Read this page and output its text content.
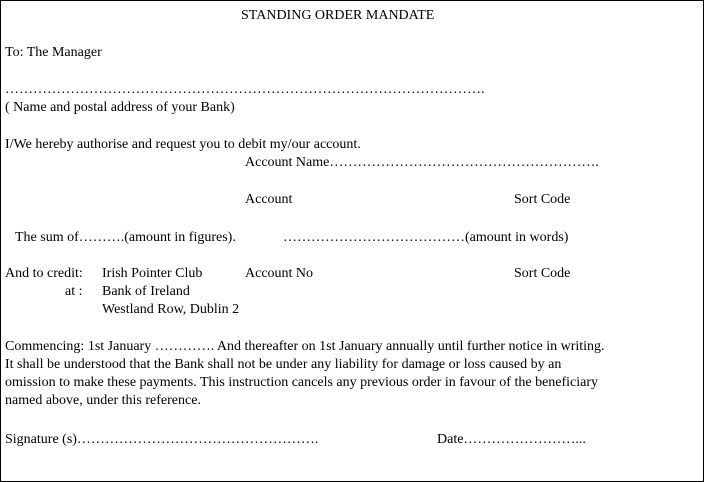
STANDING ORDER MANDATE
To: The Manager
………………………………………………………………………………………….
( Name and postal address of your Bank)
I/We hereby authorise and request you to debit my/our account.
Account Name………………………………………………….
Account	Sort Code
The sum of……….(amount in figures).	…………………………………(amount in words)
And to credit: Irish Pointer Club	Account No	Sort Code
at : Bank of Ireland
Westland Row, Dublin 2
Commencing: 1st January …………. And thereafter on 1st January annually until further notice in writing.
It shall be understood that the Bank shall not be under any liability for damage or loss caused by an
omission to make these payments. This instruction cancels any previous order in favour of the beneficiary
named above, under this reference.
Signature (s)…………………………………………….	Date……………………...
